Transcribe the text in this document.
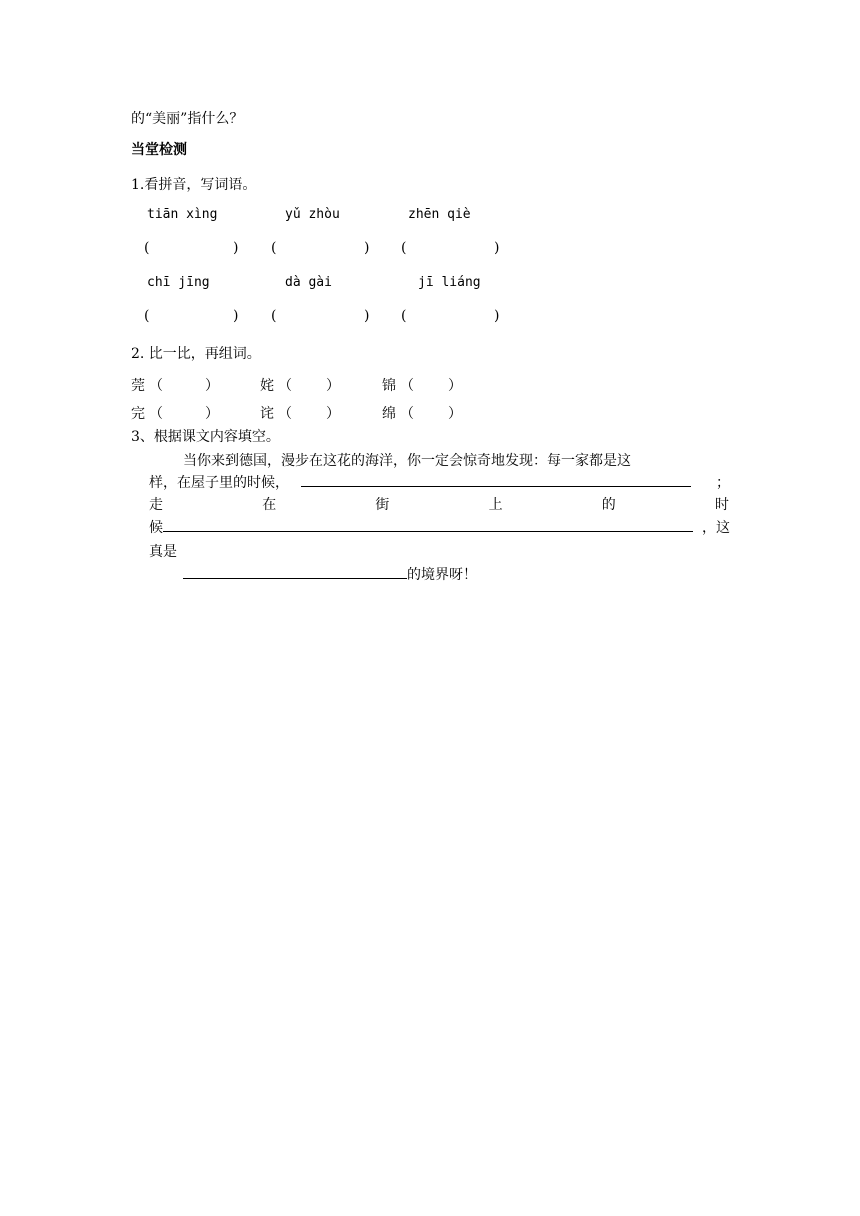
的“美丽”指什么？
当堂检测
1.看拼音，写词语。
tiān xìng	yǔ zhòu	zhēn qiè
(	) (	) (	)
chī jīng	dà gài	jī liáng
(	) (	) (	)
2. 比一比，再组词。
莞 （	）	姹 （ ）	锦 （ ）
完 （	）	诧 （ ）	绵 （ ）
3、根据课文内容填空。
当你来到德国，漫步在这花的海洋，你一定会惊奇地发现：每一家都是这
样，在屋子里的时候，	；
走	在	街	上	的	时
候	，这
真是
的境界呀！
